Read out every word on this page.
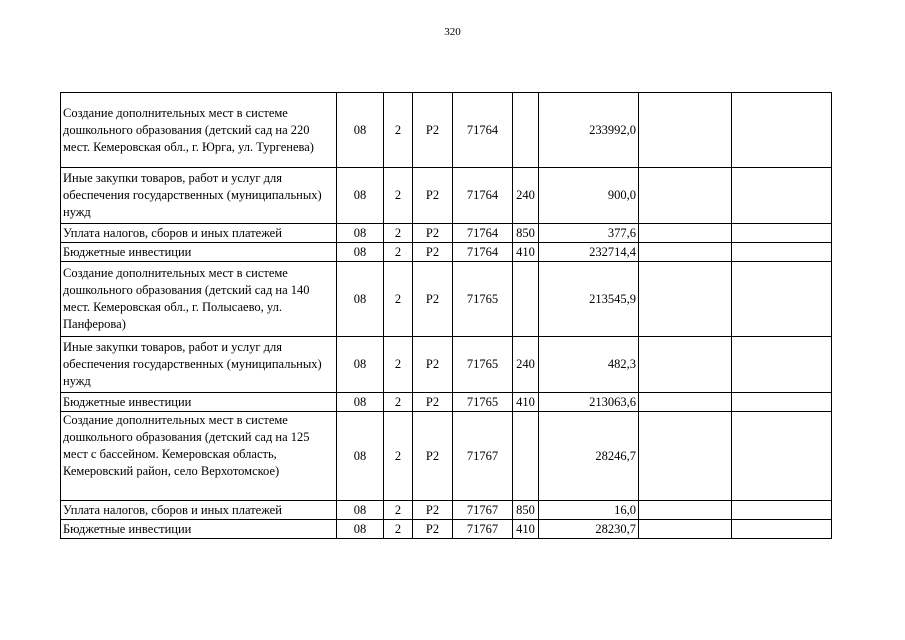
320
Создание дополнительных мест в системе дошкольного образования (детский сад на 220 мест. Кемеровская обл., г. Юрга, ул. Тургенева)	08	2	P2	71764		233992,0		
Иные закупки товаров, работ и услуг для обеспечения государственных (муниципальных) нужд	08	2	P2	71764	240	900,0		
Уплата налогов, сборов и иных платежей	08	2	P2	71764	850	377,6		
Бюджетные инвестиции	08	2	P2	71764	410	232714,4		
Создание дополнительных мест в системе дошкольного образования (детский сад на 140 мест. Кемеровская обл., г. Полысаево, ул. Панферова)	08	2	P2	71765		213545,9		
Иные закупки товаров, работ и услуг для обеспечения государственных (муниципальных) нужд	08	2	P2	71765	240	482,3		
Бюджетные инвестиции	08	2	P2	71765	410	213063,6		
Создание дополнительных мест в системе дошкольного образования (детский сад на 125 мест с бассейном. Кемеровская область, Кемеровский район, село Верхотомское)	08	2	P2	71767		28246,7		
Уплата налогов, сборов и иных платежей	08	2	P2	71767	850	16,0		
Бюджетные инвестиции	08	2	P2	71767	410	28230,7		
